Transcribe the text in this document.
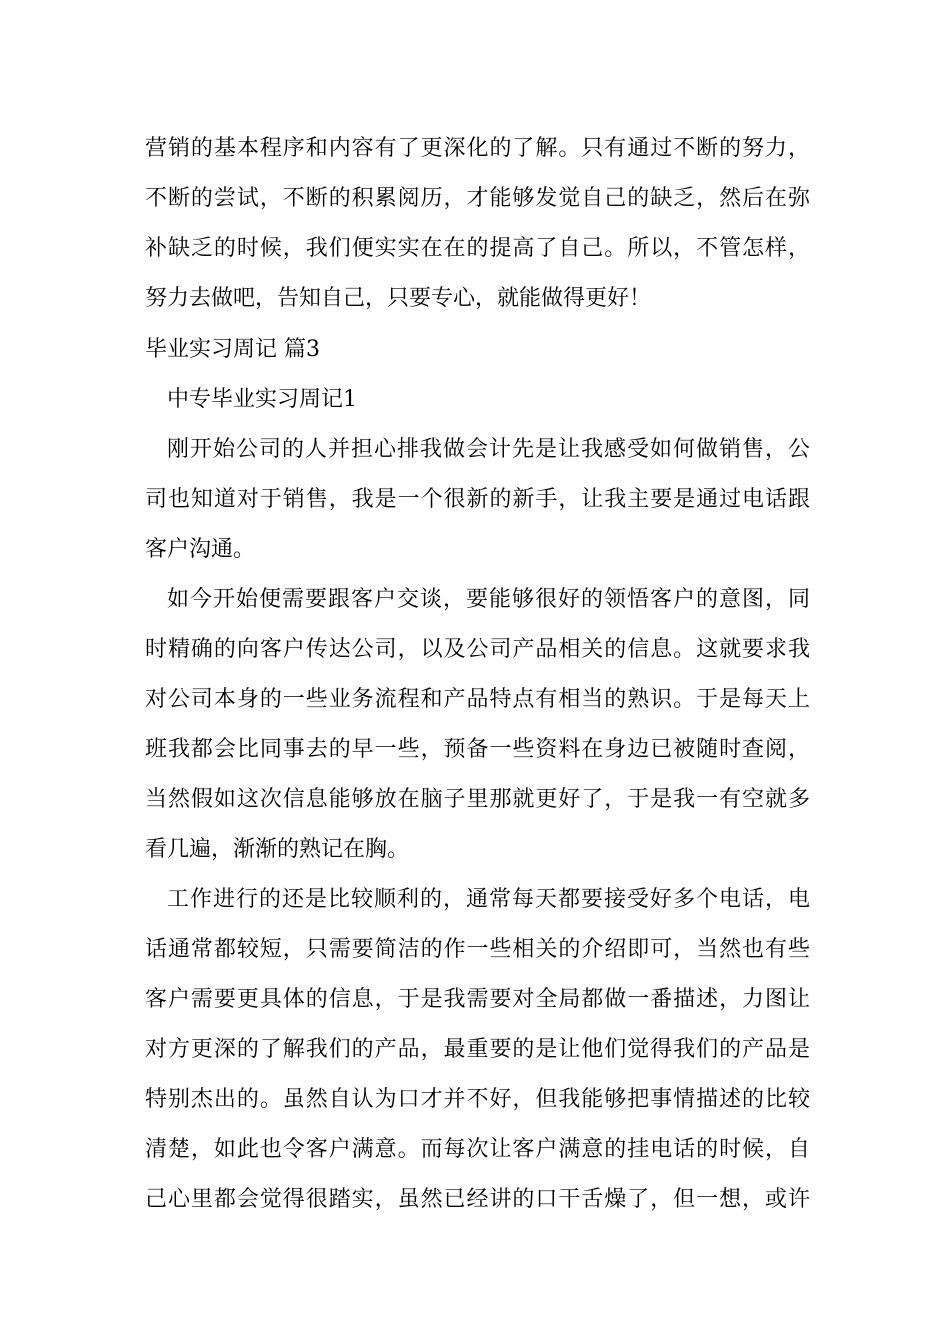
营销的基本程序和内容有了更深化的了解。只有通过不断的努力，
不断的尝试，不断的积累阅历，才能够发觉自己的缺乏，然后在弥
补缺乏的时候，我们便实实在在的提高了自己。所以，不管怎样，
努力去做吧，告知自己，只要专心，就能做得更好！
毕业实习周记 篇3
中专毕业实习周记1
刚开始公司的人并担心排我做会计先是让我感受如何做销售，公
司也知道对于销售，我是一个很新的新手，让我主要是通过电话跟
客户沟通。
如今开始便需要跟客户交谈，要能够很好的领悟客户的意图，同
时精确的向客户传达公司，以及公司产品相关的信息。这就要求我
对公司本身的一些业务流程和产品特点有相当的熟识。于是每天上
班我都会比同事去的早一些，预备一些资料在身边已被随时查阅，
当然假如这次信息能够放在脑子里那就更好了，于是我一有空就多
看几遍，渐渐的熟记在胸。
工作进行的还是比较顺利的，通常每天都要接受好多个电话，电
话通常都较短，只需要简洁的作一些相关的介绍即可，当然也有些
客户需要更具体的信息，于是我需要对全局都做一番描述，力图让
对方更深的了解我们的产品，最重要的是让他们觉得我们的产品是
特别杰出的。虽然自认为口才并不好，但我能够把事情描述的比较
清楚，如此也令客户满意。而每次让客户满意的挂电话的时候，自
己心里都会觉得很踏实，虽然已经讲的口干舌燥了，但一想，或许
